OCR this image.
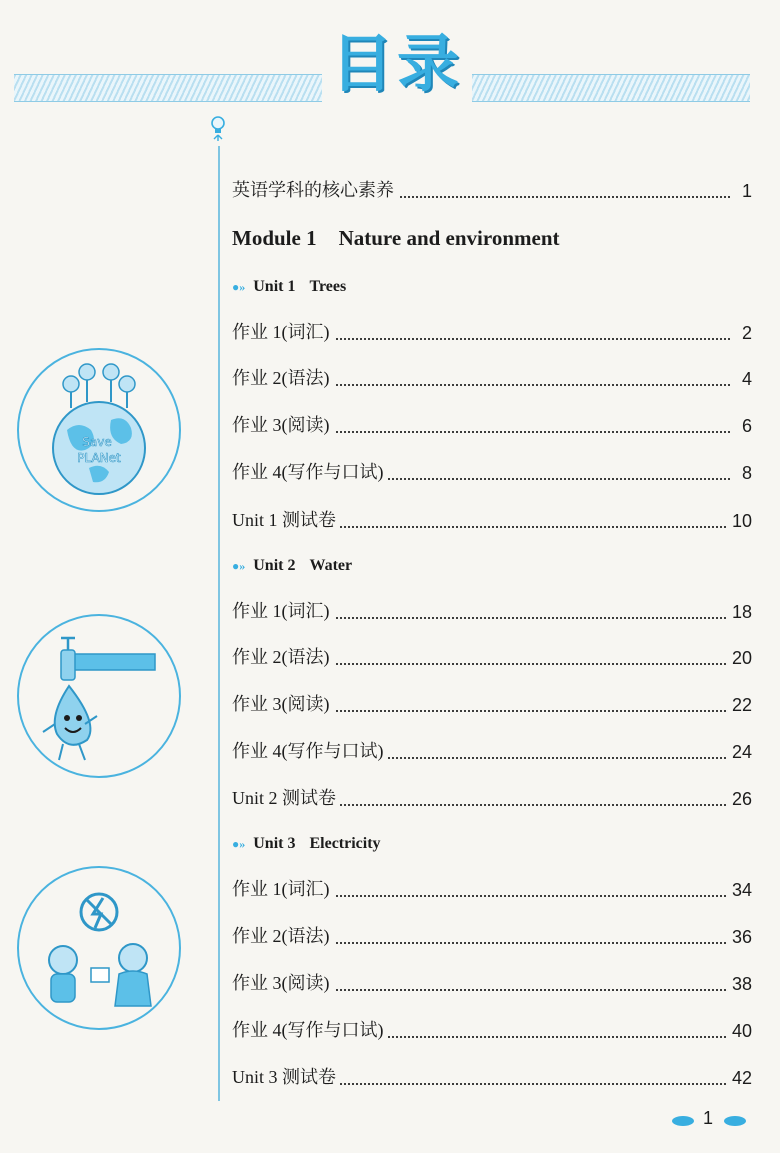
目录
Save
PLANet
英语学科的核心素养	1
Module 1 Nature and environment
●» Unit 1 Trees
作业 1(词汇)	2
作业 2(语法)	4
作业 3(阅读)	6
作业 4(写作与口试)	8
Unit 1 测试卷	10
●» Unit 2 Water
作业 1(词汇)	18
作业 2(语法)	20
作业 3(阅读)	22
作业 4(写作与口试)	24
Unit 2 测试卷	26
●» Unit 3 Electricity
作业 1(词汇)	34
作业 2(语法)	36
作业 3(阅读)	38
作业 4(写作与口试)	40
Unit 3 测试卷	42
1
